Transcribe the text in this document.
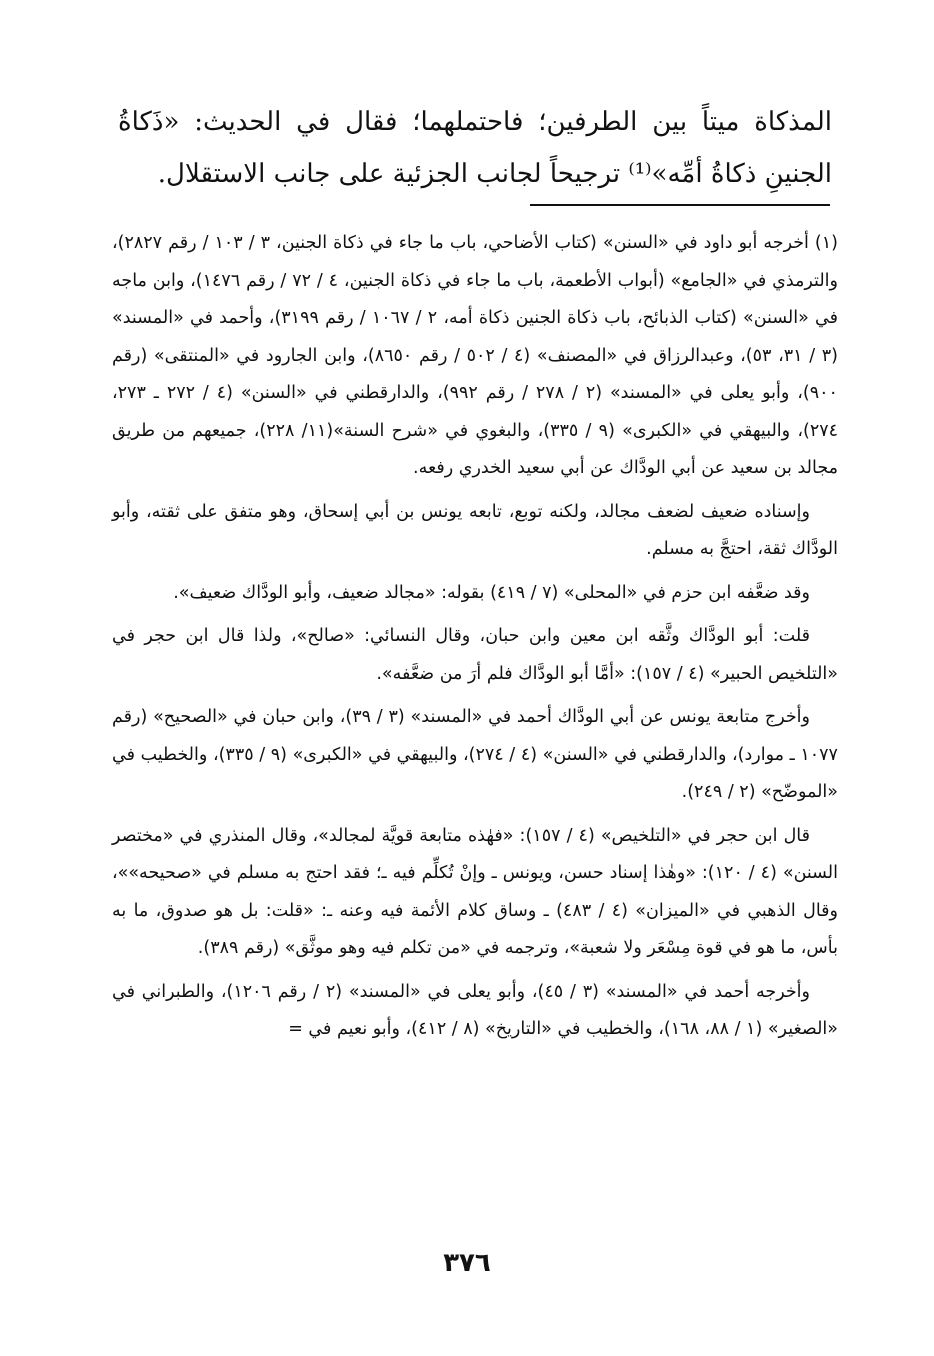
المذكاة ميتاً بين الطرفين؛ فاحتملهما؛ فقال في الحديث: «ذَكاةُ الجنينِ ذكاةُ أمِّه»⁽¹⁾ ترجيحاً لجانب الجزئية على جانب الاستقلال.

(١) أخرجه أبو داود في «السنن» (كتاب الأضاحي، باب ما جاء في ذكاة الجنين، ٣ / ١٠٣ / رقم ٢٨٢٧)، والترمذي في «الجامع» (أبواب الأطعمة، باب ما جاء في ذكاة الجنين، ٤ / ٧٢ / رقم ١٤٧٦)، وابن ماجه في «السنن» (كتاب الذبائح، باب ذكاة الجنين ذكاة أمه، ٢ / ١٠٦٧ / رقم ٣١٩٩)، وأحمد في «المسند» (٣ / ٣١، ٥٣)، وعبدالرزاق في «المصنف» (٤ / ٥٠٢ / رقم ٨٦٥٠)، وابن الجارود في «المنتقى» (رقم ٩٠٠)، وأبو يعلى في «المسند» (٢ / ٢٧٨ / رقم ٩٩٢)، والدارقطني في «السنن» (٤ / ٢٧٢ ـ ٢٧٣، ٢٧٤)، والبيهقي في «الكبرى» (٩ / ٣٣٥)، والبغوي في «شرح السنة»(١١/ ٢٢٨)، جميعهم من طريق مجالد بن سعيد عن أبي الودَّاك عن أبي سعيد الخدري رفعه.

وإسناده ضعيف لضعف مجالد، ولكنه توبع، تابعه يونس بن أبي إسحاق، وهو متفق على ثقته، وأبو الودَّاك ثقة، احتجَّ به مسلم.

وقد ضعَّفه ابن حزم في «المحلى» (٧ / ٤١٩) بقوله: «مجالد ضعيف، وأبو الودَّاك ضعيف».

قلت: أبو الودَّاك وثَّقه ابن معين وابن حبان، وقال النسائي: «صالح»، ولذا قال ابن حجر في «التلخيص الحبير» (٤ / ١٥٧): «أمَّا أبو الودَّاك فلم أرَ من ضعَّفه».

وأخرج متابعة يونس عن أبي الودَّاك أحمد في «المسند» (٣ / ٣٩)، وابن حبان في «الصحيح» (رقم ١٠٧٧ ـ موارد)، والدارقطني في «السنن» (٤ / ٢٧٤)، والبيهقي في «الكبرى» (٩ / ٣٣٥)، والخطيب في «الموضّح» (٢ / ٢٤٩).

قال ابن حجر في «التلخيص» (٤ / ١٥٧): «فهٰذه متابعة قويَّة لمجالد»، وقال المنذري في «مختصر السنن» (٤ / ١٢٠): «وهٰذا إسناد حسن، ويونس ـ وإنْ تُكلِّم فيه ـ؛ فقد احتج به مسلم في «صحيحه»»، وقال الذهبي في «الميزان» (٤ / ٤٨٣) ـ وساق كلام الأئمة فيه وعنه ـ: «قلت: بل هو صدوق، ما به بأس، ما هو في قوة مِسْعَر ولا شعبة»، وترجمه في «من تكلم فيه وهو موثَّق» (رقم ٣٨٩).

وأخرجه أحمد في «المسند» (٣ / ٤٥)، وأبو يعلى في «المسند» (٢ / رقم ١٢٠٦)، والطبراني في «الصغير» (١ / ٨٨، ١٦٨)، والخطيب في «التاريخ» (٨ / ٤١٢)، وأبو نعيم في =

٣٧٦
